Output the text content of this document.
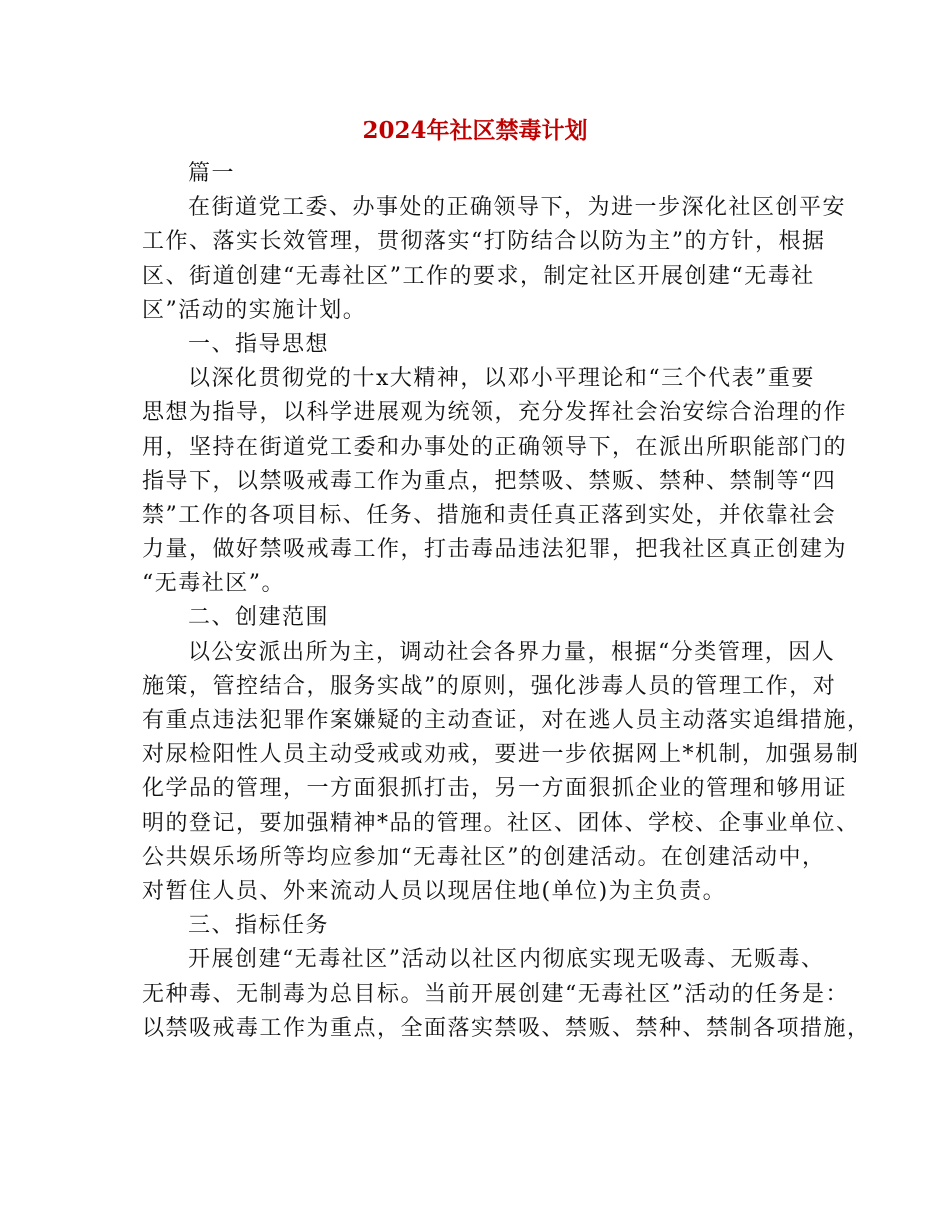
2024年社区禁毒计划
篇一
在街道党工委、办事处的正确领导下，为进一步深化社区创平安
工作、落实长效管理，贯彻落实“打防结合以防为主”的方针，根据
区、街道创建“无毒社区”工作的要求，制定社区开展创建“无毒社
区”活动的实施计划。
一、指导思想
以深化贯彻党的十x大精神，以邓小平理论和“三个代表”重要
思想为指导，以科学进展观为统领，充分发挥社会治安综合治理的作
用，坚持在街道党工委和办事处的正确领导下，在派出所职能部门的
指导下，以禁吸戒毒工作为重点，把禁吸、禁贩、禁种、禁制等“四
禁”工作的各项目标、任务、措施和责任真正落到实处，并依靠社会
力量，做好禁吸戒毒工作，打击毒品违法犯罪，把我社区真正创建为
“无毒社区”。
二、创建范围
以公安派出所为主，调动社会各界力量，根据“分类管理，因人
施策，管控结合，服务实战”的原则，强化涉毒人员的管理工作，对
有重点违法犯罪作案嫌疑的主动查证，对在逃人员主动落实追缉措施，
对尿检阳性人员主动受戒或劝戒，要进一步依据网上*机制，加强易制
化学品的管理，一方面狠抓打击，另一方面狠抓企业的管理和够用证
明的登记，要加强精神*品的管理。社区、团体、学校、企事业单位、
公共娱乐场所等均应参加“无毒社区”的创建活动。在创建活动中，
对暂住人员、外来流动人员以现居住地(单位)为主负责。
三、指标任务
开展创建“无毒社区”活动以社区内彻底实现无吸毒、无贩毒、
无种毒、无制毒为总目标。当前开展创建“无毒社区”活动的任务是：
以禁吸戒毒工作为重点，全面落实禁吸、禁贩、禁种、禁制各项措施，
